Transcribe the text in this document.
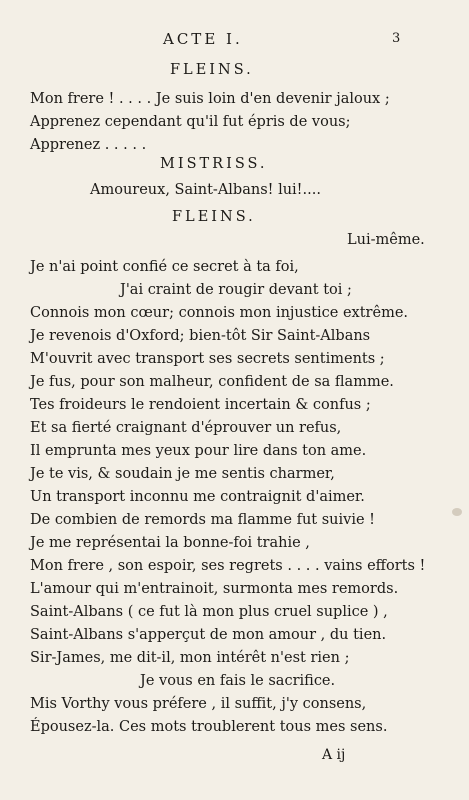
ACTE I.	3
FLEINS.
Mon frere ! . . . . Je suis loin d'en devenir jaloux ;
Apprenez cependant qu'il fut épris de vous;
Apprenez . . . . .
MISTRISS.
Amoureux, Saint-Albans! lui!....
FLEINS.
Lui-même.
Je n'ai point confié ce secret à ta foi,
J'ai craint de rougir devant toi ;
Connois mon cœur; connois mon injustice extrême.
Je revenois d'Oxford; bien-tôt Sir Saint-Albans
M'ouvrit avec transport ses secrets sentiments ;
Je fus, pour son malheur, confident de sa flamme.
Tes froideurs le rendoient incertain & confus ;
Et sa fierté craignant d'éprouver un refus,
Il emprunta mes yeux pour lire dans ton ame.
Je te vis, & soudain je me sentis charmer,
Un transport inconnu me contraignit d'aimer.
De combien de remords ma flamme fut suivie !
Je me représentai la bonne-foi trahie ,
Mon frere , son espoir, ses regrets . . . . vains efforts !
L'amour qui m'entrainoit, surmonta mes remords.
Saint-Albans ( ce fut là mon plus cruel suplice ) ,
Saint-Albans s'apperçut de mon amour , du tien.
Sir-James, me dit-il, mon intérêt n'est rien ;
Je vous en fais le sacrifice.
Mis Vorthy vous préfere , il suffit, j'y consens,
Épousez-la. Ces mots troublerent tous mes sens.
A ij
